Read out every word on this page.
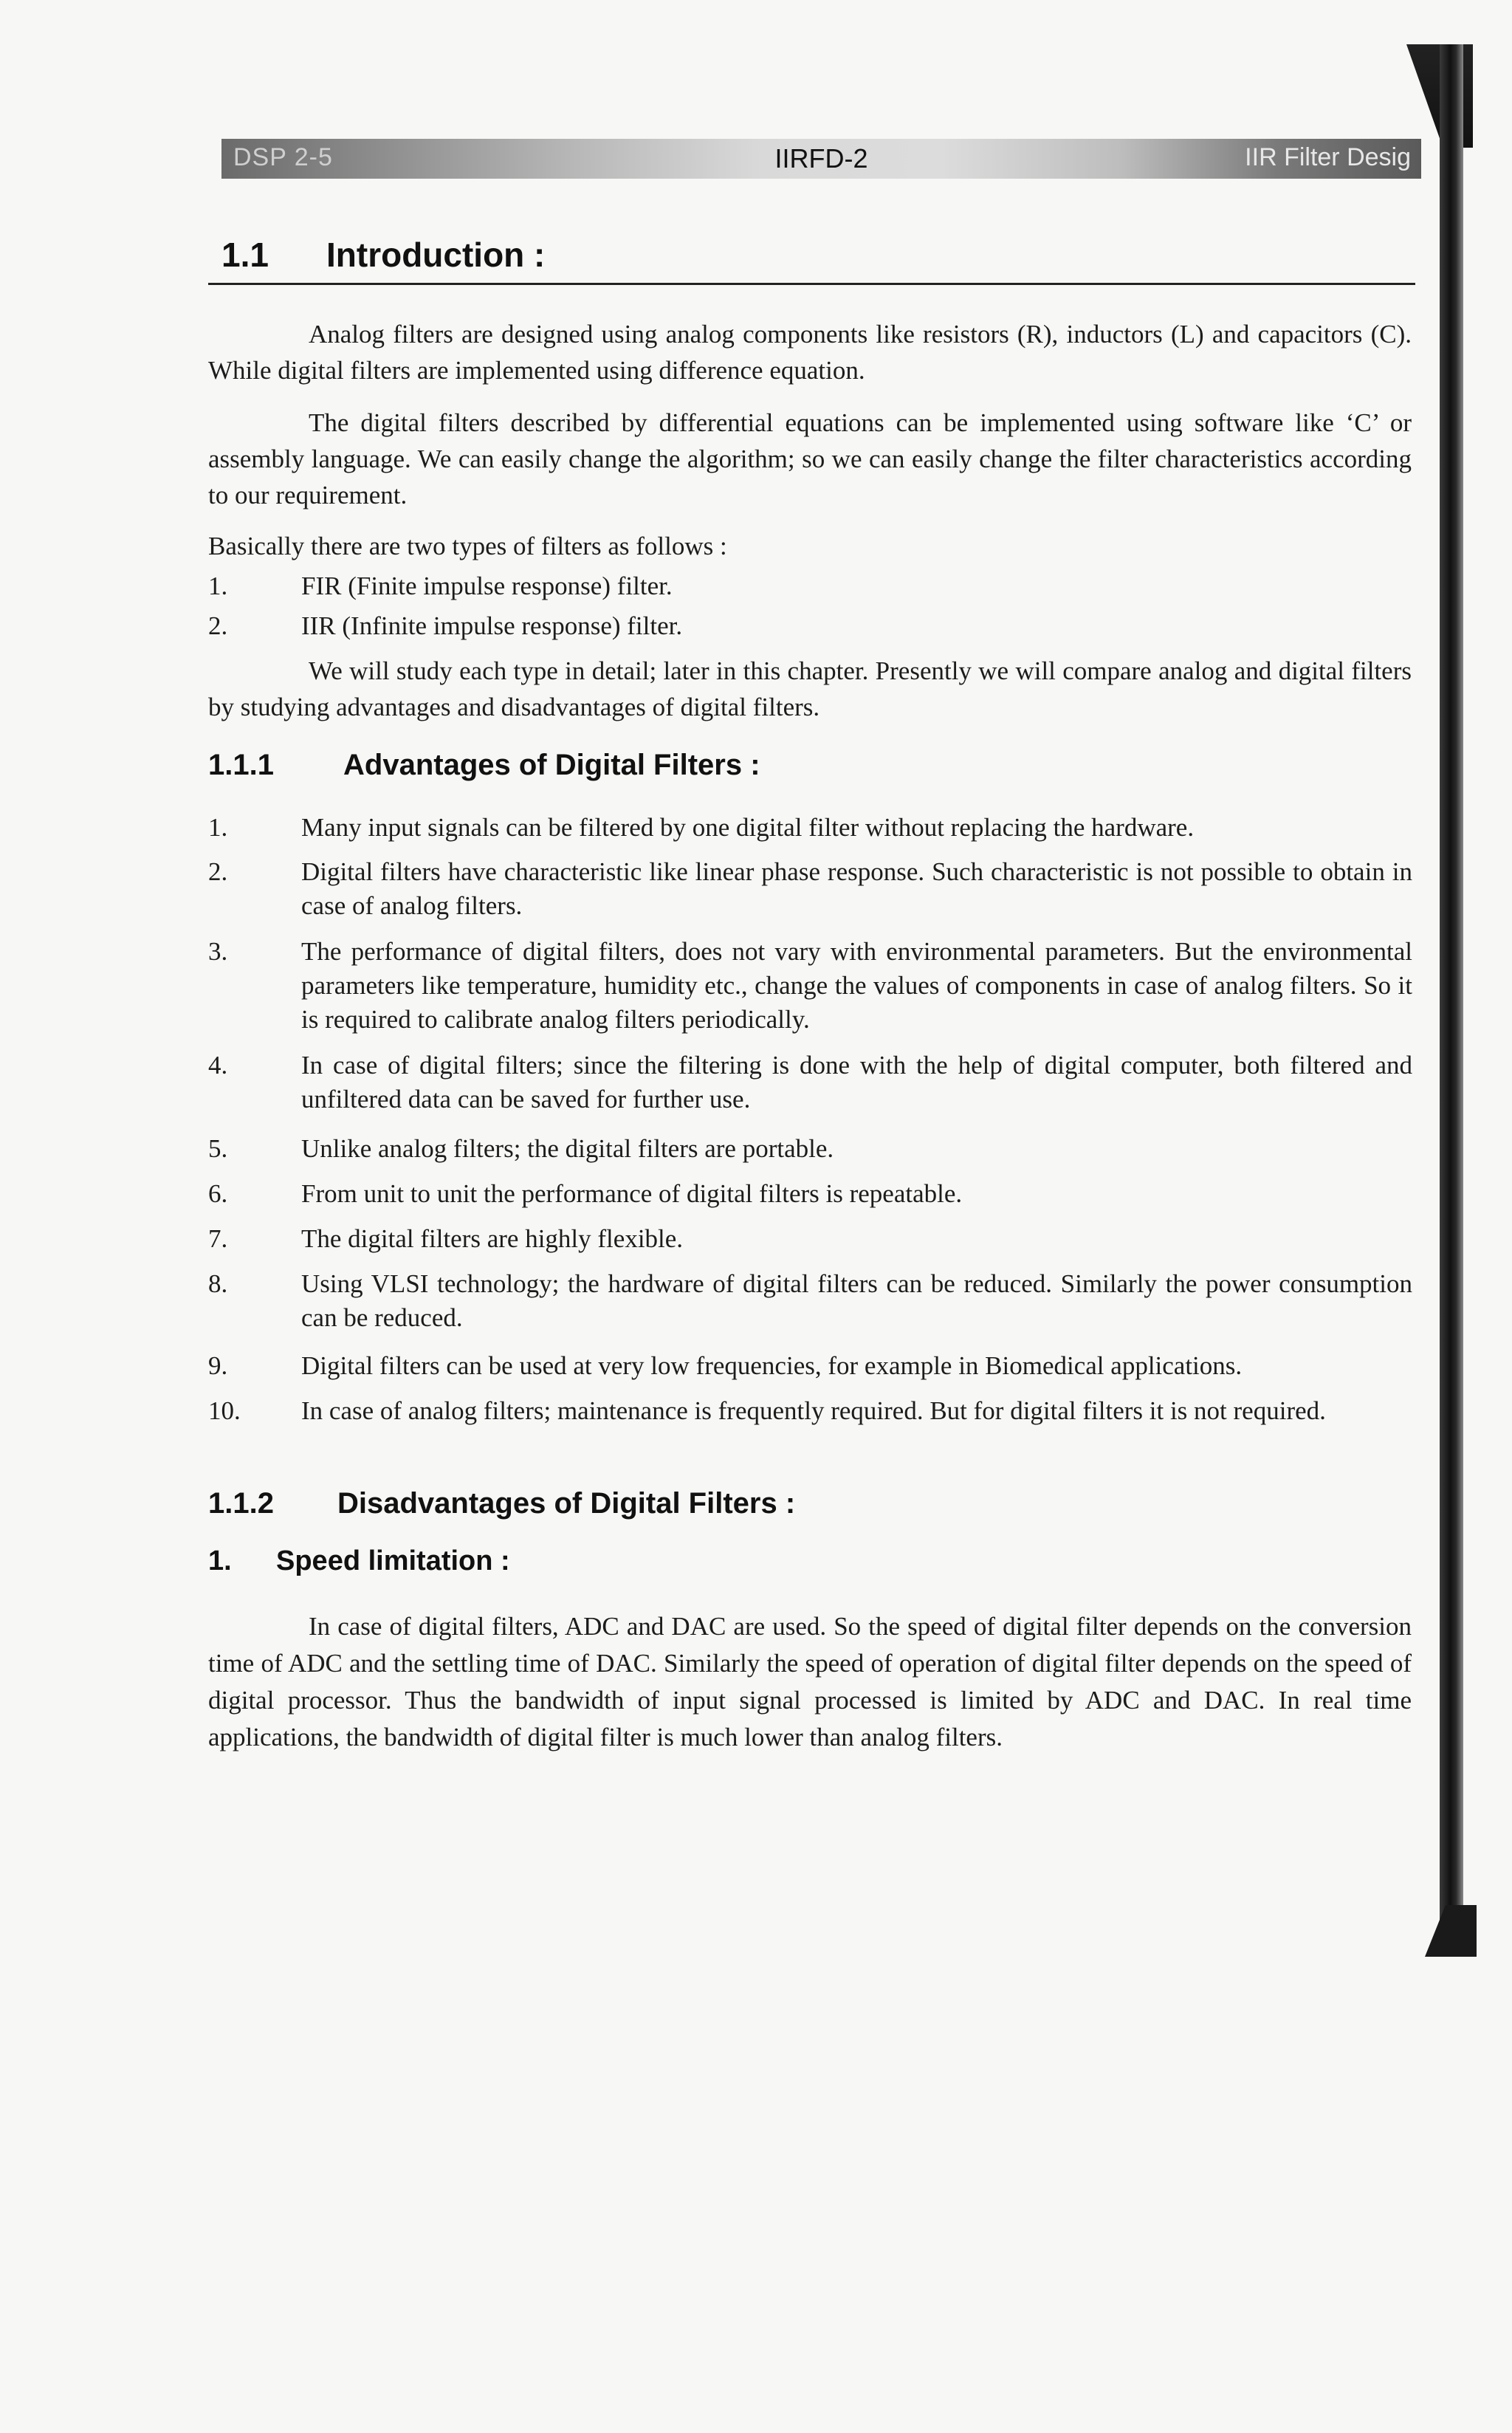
DSP 2-5	IIRFD-2	IIR Filter Desig
1.1 Introduction :

Analog filters are designed using analog components like resistors (R), inductors (L) and capacitors (C). While digital filters are implemented using difference equation.

The digital filters described by differential equations can be implemented using software like ‘C’ or assembly language. We can easily change the algorithm; so we can easily change the filter characteristics according to our requirement.

Basically there are two types of filters as follows :

1.	FIR (Finite impulse response) filter.
2.	IIR (Infinite impulse response) filter.

We will study each type in detail; later in this chapter. Presently we will compare analog and digital filters by studying advantages and disadvantages of digital filters.

1.1.1 Advantages of Digital Filters :
1.	Many input signals can be filtered by one digital filter without replacing the hardware.
2.	Digital filters have characteristic like linear phase response. Such characteristic is not possible to obtain in case of analog filters.
3.	The performance of digital filters, does not vary with environmental parameters. But the environmental parameters like temperature, humidity etc., change the values of components in case of analog filters. So it is required to calibrate analog filters periodically.
4.	In case of digital filters; since the filtering is done with the help of digital computer, both filtered and unfiltered data can be saved for further use.
5.	Unlike analog filters; the digital filters are portable.
6.	From unit to unit the performance of digital filters is repeatable.
7.	The digital filters are highly flexible.
8.	Using VLSI technology; the hardware of digital filters can be reduced. Similarly the power consumption can be reduced.
9.	Digital filters can be used at very low frequencies, for example in Biomedical applications.
10. In case of analog filters; maintenance is frequently required. But for digital filters it is not required.
1.1.2 Disadvantages of Digital Filters :
1. Speed limitation :

In case of digital filters, ADC and DAC are used. So the speed of digital filter depends on the conversion time of ADC and the settling time of DAC. Similarly the speed of operation of digital filter depends on the speed of digital processor. Thus the bandwidth of input signal processed is limited by ADC and DAC. In real time applications, the bandwidth of digital filter is much lower than analog filters.
